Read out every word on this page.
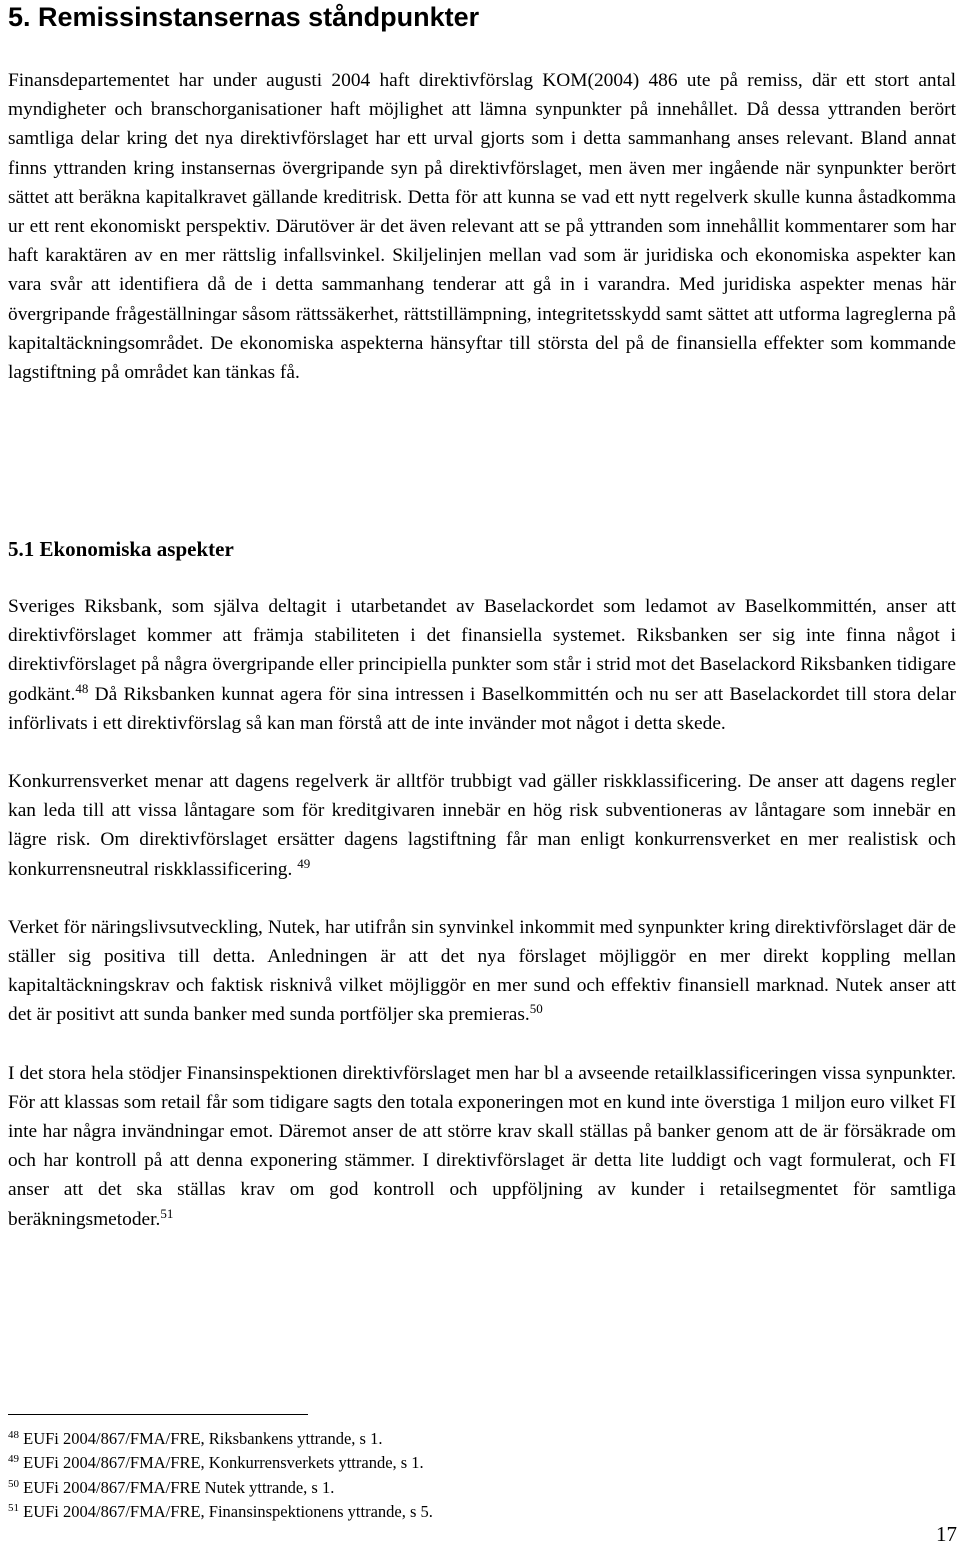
5. Remissinstansernas ståndpunkter

Finansdepartementet har under augusti 2004 haft direktivförslag KOM(2004) 486 ute på remiss, där ett stort antal myndigheter och branschorganisationer haft möjlighet att lämna synpunkter på innehållet. Då dessa yttranden berört samtliga delar kring det nya direktivförslaget har ett urval gjorts som i detta sammanhang anses relevant. Bland annat finns yttranden kring instansernas övergripande syn på direktivförslaget, men även mer ingående när synpunkter berört sättet att beräkna kapitalkravet gällande kreditrisk. Detta för att kunna se vad ett nytt regelverk skulle kunna åstadkomma ur ett rent ekonomiskt perspektiv. Därutöver är det även relevant att se på yttranden som innehållit kommentarer som har haft karaktären av en mer rättslig infallsvinkel. Skiljelinjen mellan vad som är juridiska och ekonomiska aspekter kan vara svår att identifiera då de i detta sammanhang tenderar att gå in i varandra. Med juridiska aspekter menas här övergripande frågeställningar såsom rättssäkerhet, rättstillämpning, integritetsskydd samt sättet att utforma lagreglerna på kapitaltäckningsområdet. De ekonomiska aspekterna hänsyftar till största del på de finansiella effekter som kommande lagstiftning på området kan tänkas få.

5.1 Ekonomiska aspekter

Sveriges Riksbank, som själva deltagit i utarbetandet av Baselackordet som ledamot av Baselkommittén, anser att direktivförslaget kommer att främja stabiliteten i det finansiella systemet. Riksbanken ser sig inte finna något i direktivförslaget på några övergripande eller principiella punkter som står i strid mot det Baselackord Riksbanken tidigare godkänt.$^{48}$ Då Riksbanken kunnat agera för sina intressen i Baselkommittén och nu ser att Baselackordet till stora delar införlivats i ett direktivförslag så kan man förstå att de inte invänder mot något i detta skede.

Konkurrensverket menar att dagens regelverk är alltför trubbigt vad gäller riskklassificering. De anser att dagens regler kan leda till att vissa låntagare som för kreditgivaren innebär en hög risk subventioneras av låntagare som innebär en lägre risk. Om direktivförslaget ersätter dagens lagstiftning får man enligt konkurrensverket en mer realistisk och konkurrensneutral riskklassificering. $^{49}$

Verket för näringslivsutveckling, Nutek, har utifrån sin synvinkel inkommit med synpunkter kring direktivförslaget där de ställer sig positiva till detta. Anledningen är att det nya förslaget möjliggör en mer direkt koppling mellan kapitaltäckningskrav och faktisk risknivå vilket möjliggör en mer sund och effektiv finansiell marknad. Nutek anser att det är positivt att sunda banker med sunda portföljer ska premieras.$^{50}$

I det stora hela stödjer Finansinspektionen direktivförslaget men har bl a avseende retailklassificeringen vissa synpunkter. För att klassas som retail får som tidigare sagts den totala exponeringen mot en kund inte överstiga 1 miljon euro vilket FI inte har några invändningar emot. Däremot anser de att större krav skall ställas på banker genom att de är försäkrade om och har kontroll på att denna exponering stämmer. I direktivförslaget är detta lite luddigt och vagt formulerat, och FI anser att det ska ställas krav om god kontroll och uppföljning av kunder i retailsegmentet för samtliga beräkningsmetoder.$^{51}$

$^{48}$ EUFi 2004/867/FMA/FRE, Riksbankens yttrande, s 1.
$^{49}$ EUFi 2004/867/FMA/FRE, Konkurrensverkets yttrande, s 1.
$^{50}$ EUFi 2004/867/FMA/FRE Nutek yttrande, s 1.
$^{51}$ EUFi 2004/867/FMA/FRE, Finansinspektionens yttrande, s 5.
17
